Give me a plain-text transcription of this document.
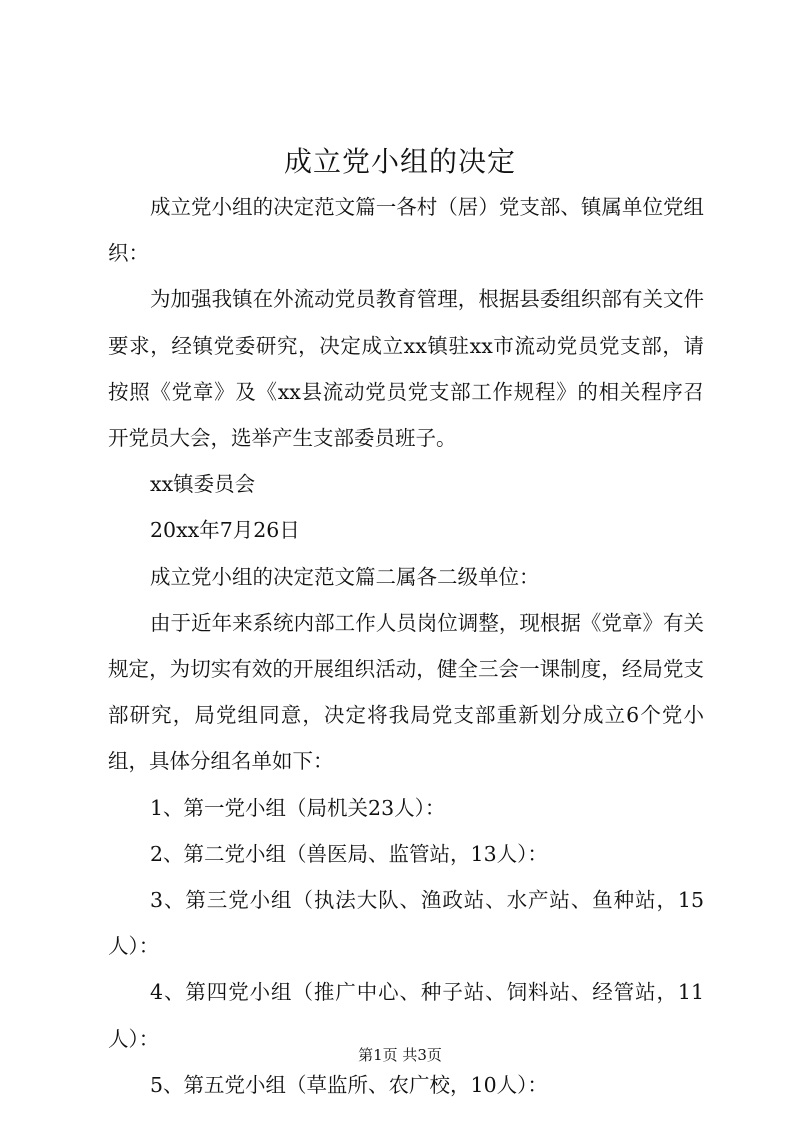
成立党小组的决定

成立党小组的决定范文篇一各村（居）党支部、镇属单位党组织：

为加强我镇在外流动党员教育管理，根据县委组织部有关文件要求，经镇党委研究，决定成立xx镇驻xx市流动党员党支部，请按照《党章》及《xx县流动党员党支部工作规程》的相关程序召开党员大会，选举产生支部委员班子。

xx镇委员会

20xx年7月26日

成立党小组的决定范文篇二属各二级单位：

由于近年来系统内部工作人员岗位调整，现根据《党章》有关规定，为切实有效的开展组织活动，健全三会一课制度，经局党支部研究，局党组同意，决定将我局党支部重新划分成立6个党小组，具体分组名单如下：

1、第一党小组（局机关23人）：

2、第二党小组（兽医局、监管站，13人）：

3、第三党小组（执法大队、渔政站、水产站、鱼种站，15人）：

4、第四党小组（推广中心、种子站、饲料站、经管站，11人）：

5、第五党小组（草监所、农广校，10人）：

第1页 共3页
